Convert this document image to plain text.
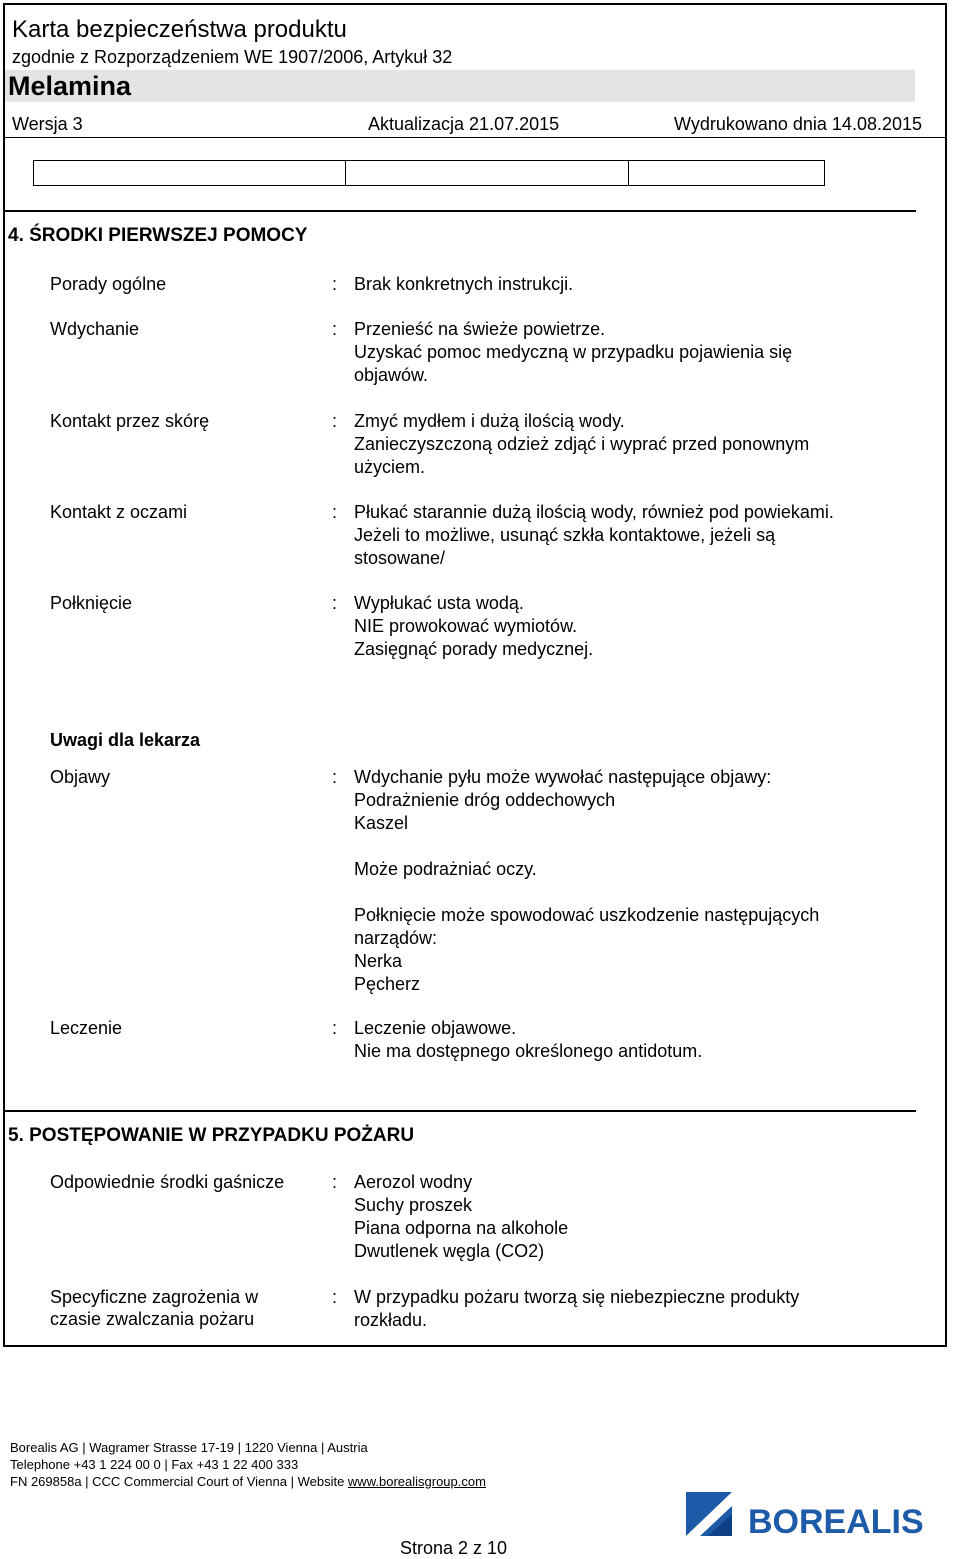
Karta bezpieczeństwa produktu
zgodnie z Rozporządzeniem WE 1907/2006, Artykuł 32
Melamina
Wersja 3	Aktualizacja 21.07.2015	Wydrukowano dnia 14.08.2015
4. ŚRODKI PIERWSZEJ POMOCY
Porady ogólne	: Brak konkretnych instrukcji.
Wdychanie	: Przenieść na świeże powietrze.
Uzyskać pomoc medyczną w przypadku pojawienia się
objawów.
Kontakt przez skórę	: Zmyć mydłem i dużą ilością wody.
Zanieczyszczoną odzież zdjąć i wyprać przed ponownym
użyciem.
Kontakt z oczami	: Płukać starannie dużą ilością wody, również pod powiekami.
Jeżeli to możliwe, usunąć szkła kontaktowe, jeżeli są
stosowane/
Połknięcie	: Wypłukać usta wodą.
NIE prowokować wymiotów.
Zasięgnąć porady medycznej.
Uwagi dla lekarza
Objawy	: Wdychanie pyłu może wywołać następujące objawy:
Podrażnienie dróg oddechowych
Kaszel
Może podrażniać oczy.
Połknięcie może spowodować uszkodzenie następujących
narządów:
Nerka
Pęcherz
Leczenie	: Leczenie objawowe.
Nie ma dostępnego określonego antidotum.
5. POSTĘPOWANIE W PRZYPADKU POŻARU
Odpowiednie środki gaśnicze	: Aerozol wodny
Suchy proszek
Piana odporna na alkohole
Dwutlenek węgla (CO2)
Specyficzne zagrożenia w
czasie zwalczania pożaru
: W przypadku pożaru tworzą się niebezpieczne produkty
rozkładu.
Borealis AG | Wagramer Strasse 17-19 | 1220 Vienna | Austria
Telephone +43 1 224 00 0 | Fax +43 1 22 400 333
FN 269858a | CCC Commercial Court of Vienna | Website www.borealisgroup.com
BOREALIS
Strona 2 z 10
